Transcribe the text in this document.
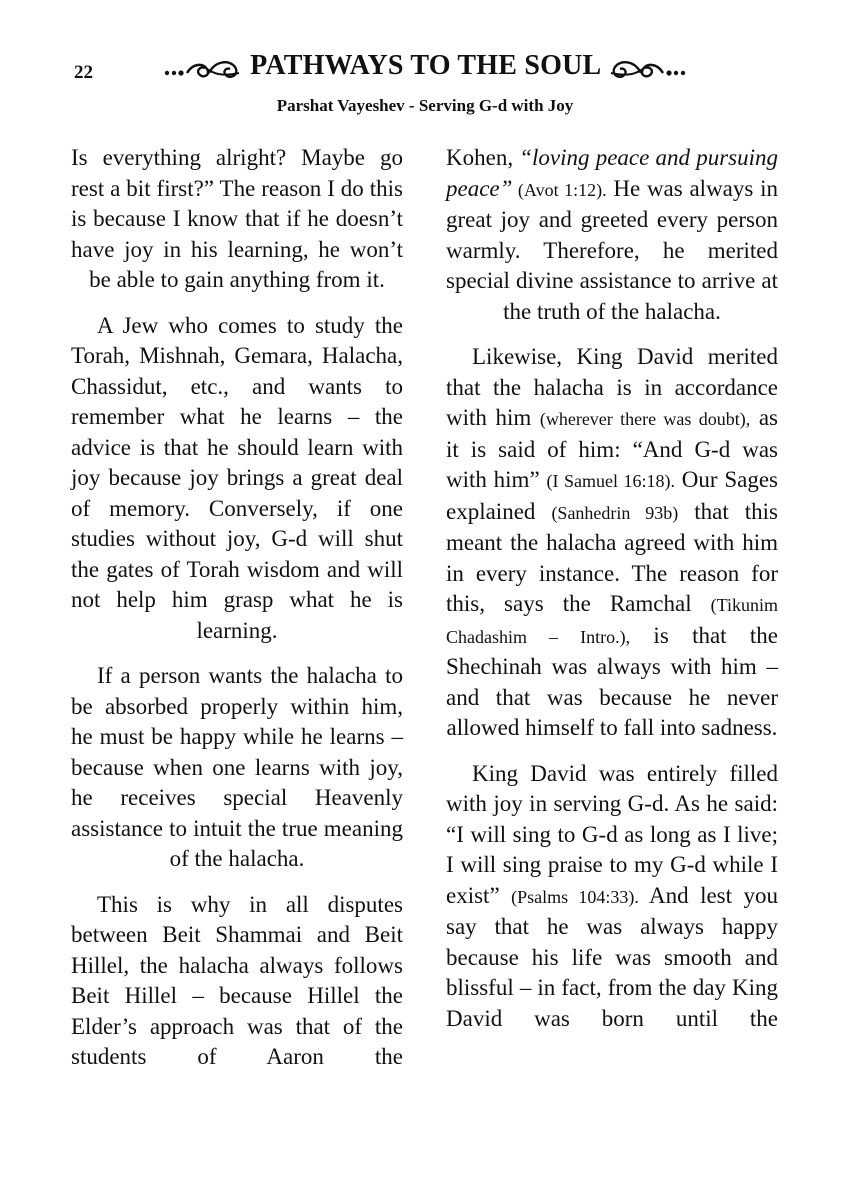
22	PATHWAYS TO THE SOUL
Parshat Vayeshev - Serving G-d with Joy

Is everything alright? Maybe go rest a bit first?” The reason I do this is because I know that if he doesn’t have joy in his learning, he won’t be able to gain anything from it.

A Jew who comes to study the Torah, Mishnah, Gemara, Halacha, Chassidut, etc., and wants to remember what he learns – the advice is that he should learn with joy because joy brings a great deal of memory. Conversely, if one studies without joy, G-d will shut the gates of Torah wisdom and will not help him grasp what he is learning.

If a person wants the halacha to be absorbed properly within him, he must be happy while he learns – because when one learns with joy, he receives special Heavenly assistance to intuit the true meaning of the halacha.

This is why in all disputes between Beit Shammai and Beit Hillel, the halacha always follows Beit Hillel – because Hillel the Elder’s approach was that of the students of Aaron the

Kohen, “loving peace and pursuing peace” (Avot 1:12). He was always in great joy and greeted every person warmly. Therefore, he merited special divine assistance to arrive at the truth of the halacha.

Likewise, King David merited that the halacha is in accordance with him (wherever there was doubt), as it is said of him: “And G-d was with him” (I Samuel 16:18). Our Sages explained (Sanhedrin 93b) that this meant the halacha agreed with him in every instance. The reason for this, says the Ramchal (Tikunim Chadashim – Intro.), is that the Shechinah was always with him – and that was because he never allowed himself to fall into sadness.

King David was entirely filled with joy in serving G-d. As he said: “I will sing to G-d as long as I live; I will sing praise to my G-d while I exist” (Psalms 104:33). And lest you say that he was always happy because his life was smooth and blissful – in fact, from the day King David was born until the
